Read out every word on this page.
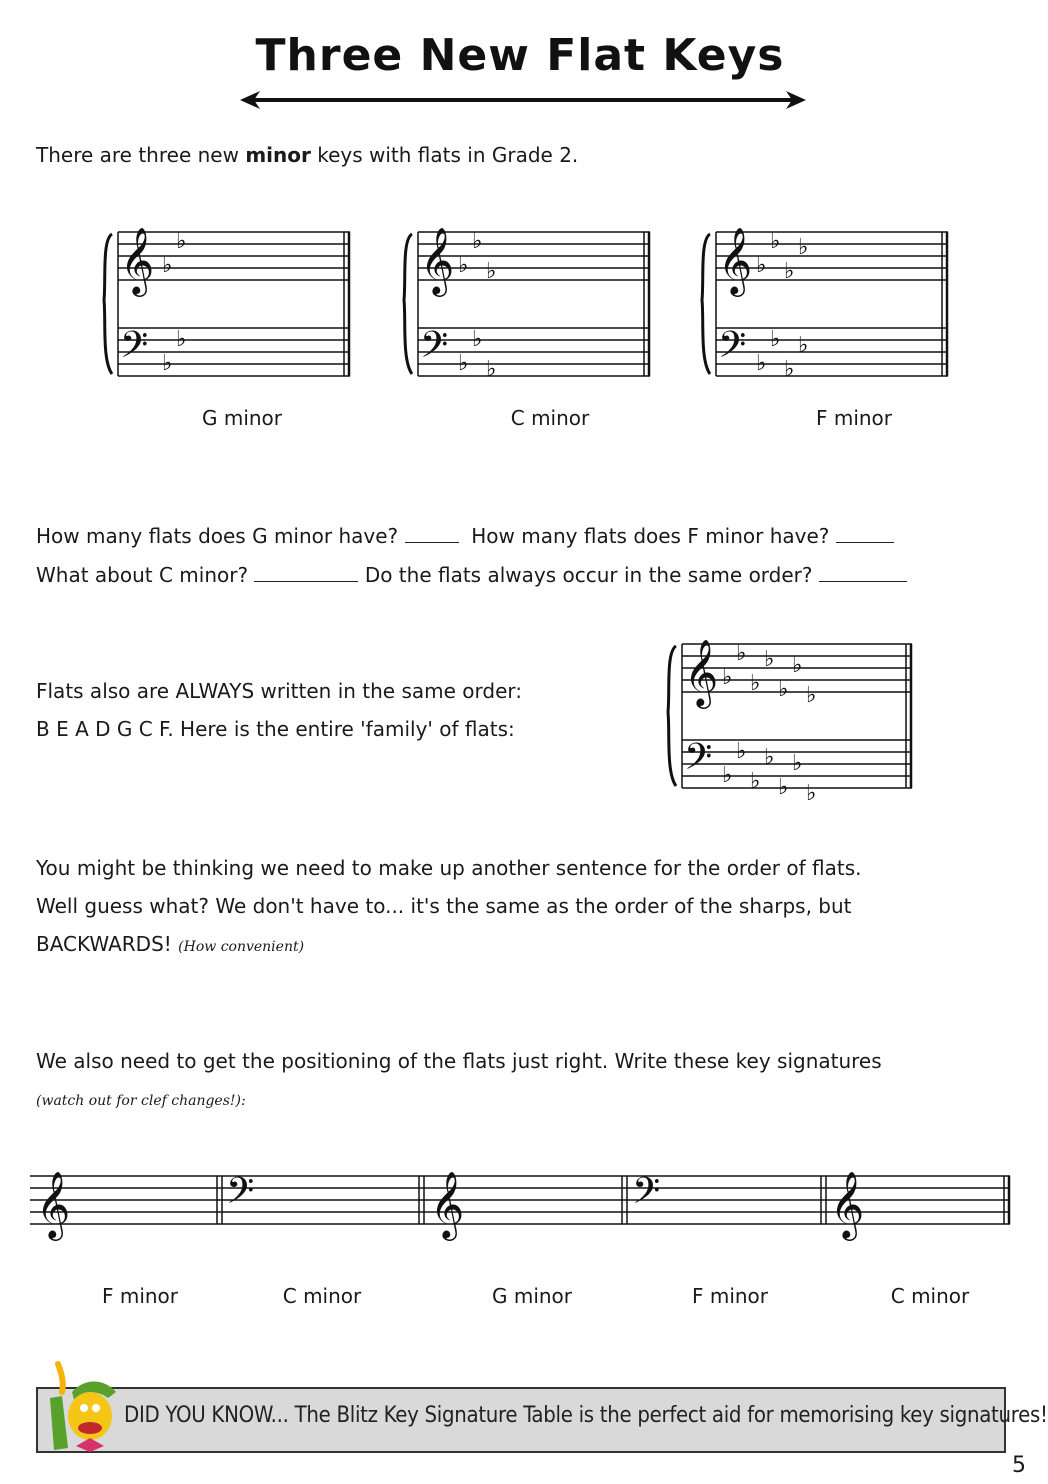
Three New Flat Keys
There are three new minor keys with flats in Grade 2.
𝄞
𝄢
♭
♭
♭
♭
G minor
𝄞
𝄢
♭
♭
♭
♭
♭
♭
C minor
𝄞
𝄢
♭
♭
♭
♭
♭
♭
♭
♭
F minor
How many flats does G minor have?	How many flats does F minor have?
What about C minor?	Do the flats always occur in the same order?
Flats also are ALWAYS written in the same order:
B E A D G C F. Here is the entire 'family' of flats:
𝄞
𝄢
♭
♭
♭
♭
♭
♭
♭
♭
♭
♭
♭
♭
♭
♭
You might be thinking we need to make up another sentence for the order of flats.
Well guess what? We don't have to... it's the same as the order of the sharps, but
BACKWARDS! (How convenient)
We also need to get the positioning of the flats just right. Write these key signatures
(watch out for clef changes!):
𝄞	𝄢	𝄞	𝄢	𝄞
F minor	C minor	G minor	F minor	C minor
DID YOU KNOW... The Blitz Key Signature Table is the perfect aid for memorising key signatures!
5
